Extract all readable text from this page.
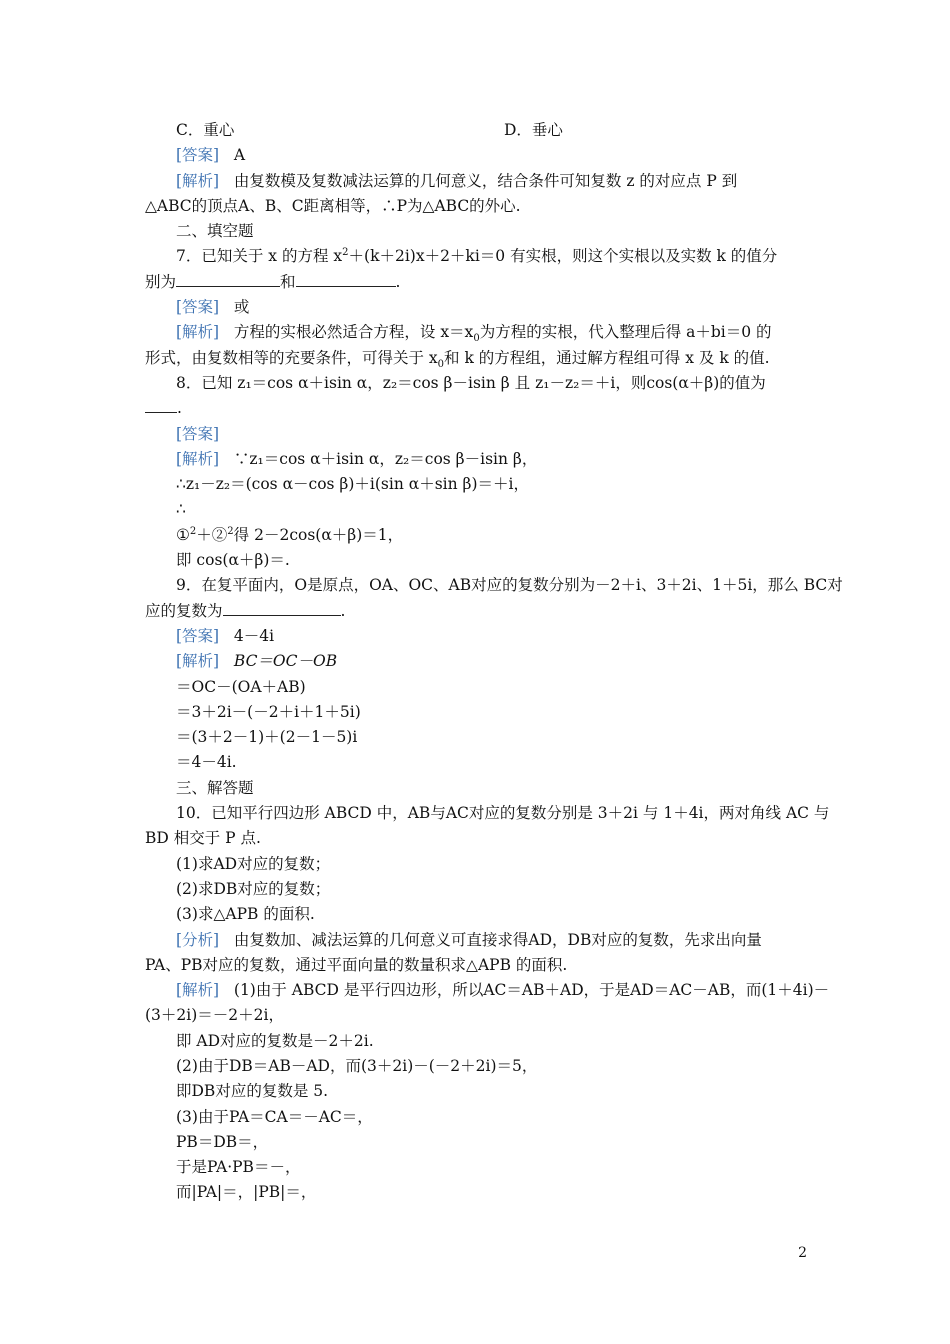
C．重心	D．垂心
[答案] A
[解析] 由复数模及复数减法运算的几何意义，结合条件可知复数 z 的对应点 P 到
△ABC的顶点A、B、C距离相等，∴P为△ABC的外心.
二、填空题
7．已知关于 x 的方程 $x^2+(k+2i)x+2+ki=0$ 有实根，则这个实根以及实数 k 的值分
别为	和	.
[答案] 或
[解析] 方程的实根必然适合方程，设 $x=x_0$为方程的实根，代入整理后得 a＋bi＝0 的
形式，由复数相等的充要条件，可得关于 $x_0$和 k 的方程组，通过解方程组可得 x 及 k 的值.
8．已知 z₁＝cos α＋isin α，z₂＝cos β－isin β 且 z₁－z₂＝＋i，则cos(α＋β)的值为
.
[答案]
[解析] ∵z₁＝cos α＋isin α，z₂＝cos β－isin β，
∴z₁－z₂＝(cos α－cos β)＋i(sin α＋sin β)＝＋i，
∴
①$^2$＋②$^2$得 2－2cos(α＋β)＝1，
即 cos(α＋β)＝.
9．在复平面内，O是原点，OA、OC、AB对应的复数分别为－2＋i、3＋2i、1＋5i，那么 BC对
应的复数为	.
[答案] 4－4i
[解析] BC＝OC－OB
＝OC－(OA＋AB)
＝3＋2i－(－2＋i＋1＋5i)
＝(3＋2－1)＋(2－1－5)i
＝4－4i.
三、解答题
10．已知平行四边形 ABCD 中，AB与AC对应的复数分别是 3＋2i 与 1＋4i，两对角线 AC 与
BD 相交于 P 点.
(1)求AD对应的复数；
(2)求DB对应的复数；
(3)求△APB 的面积.
[分析] 由复数加、减法运算的几何意义可直接求得AD，DB对应的复数，先求出向量
PA、PB对应的复数，通过平面向量的数量积求△APB 的面积.
[解析] (1)由于 ABCD 是平行四边形，所以AC＝AB＋AD，于是AD＝AC－AB，而(1＋4i)－
(3＋2i)＝－2＋2i，
即 AD对应的复数是－2＋2i.
(2)由于DB＝AB－AD，而(3＋2i)－(－2＋2i)＝5，
即DB对应的复数是 5.
(3)由于PA＝CA＝－AC＝，
PB＝DB＝，
于是PA·PB＝－，
而|PA|＝，|PB|＝，
2
